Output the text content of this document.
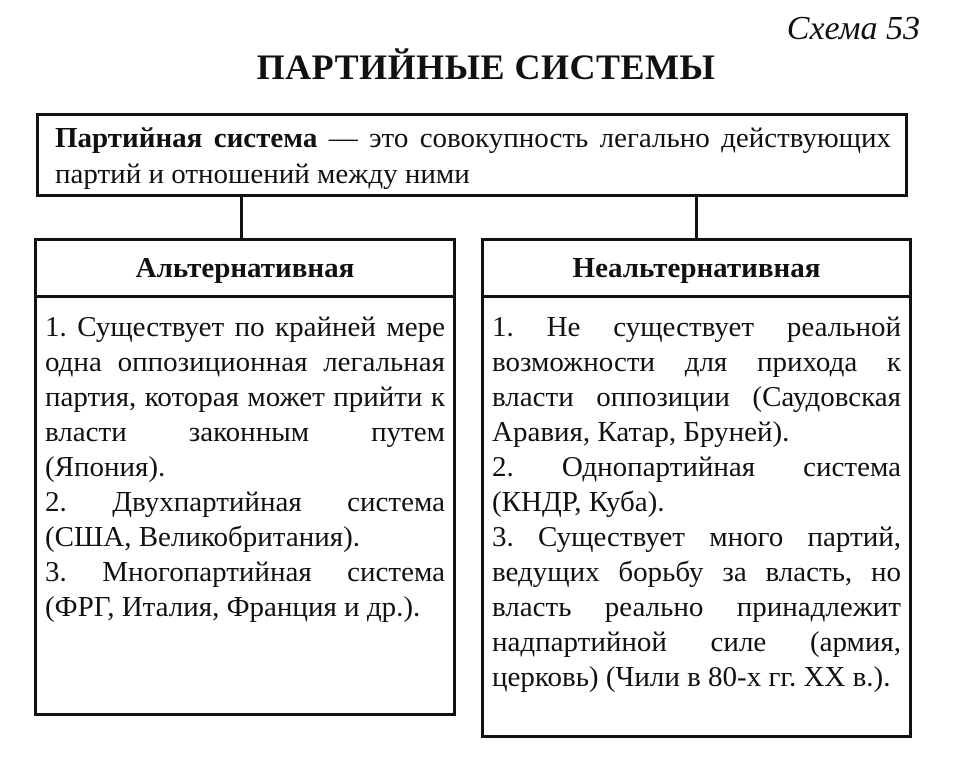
Схема 53
ПАРТИЙНЫЕ СИСТЕМЫ
Партийная система — это совокупность легально действующих партий и отношений между ними
Альтернативная

1. Существует по крайней мере одна оппозиционная легальная партия, которая может прийти к власти законным путем (Япония).

2. Двухпартийная система (США, Великобритания).

3. Многопартийная система (ФРГ, Италия, Франция и др.).

Неальтернативная

1. Не существует реальной возможности для прихода к власти оппозиции (Саудовская Аравия, Катар, Бруней).

2. Однопартийная система (КНДР, Куба).

3. Существует много партий, ведущих борьбу за власть, но власть реально принадлежит надпартийной силе (армия, церковь) (Чили в 80-х гг. XX в.).
